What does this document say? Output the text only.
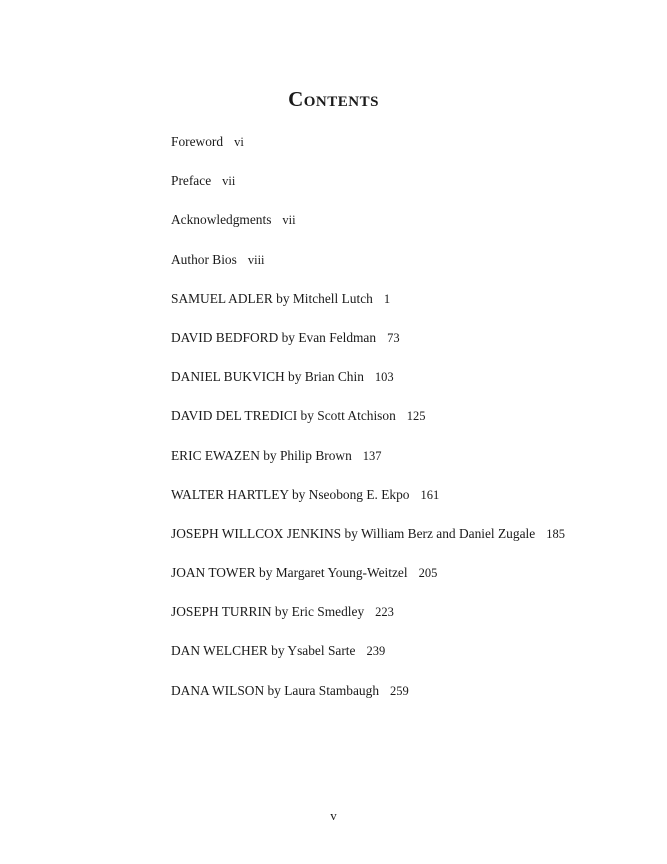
Contents
Foreword vi
Preface vii
Acknowledgments vii
Author Bios viii
SAMUEL ADLER by Mitchell Lutch 1
DAVID BEDFORD by Evan Feldman 73
DANIEL BUKVICH by Brian Chin 103
DAVID DEL TREDICI by Scott Atchison 125
ERIC EWAZEN by Philip Brown 137
WALTER HARTLEY by Nseobong E. Ekpo 161
JOSEPH WILLCOX JENKINS by William Berz and Daniel Zugale 185
JOAN TOWER by Margaret Young-Weitzel 205
JOSEPH TURRIN by Eric Smedley 223
DAN WELCHER by Ysabel Sarte 239
DANA WILSON by Laura Stambaugh 259
v
